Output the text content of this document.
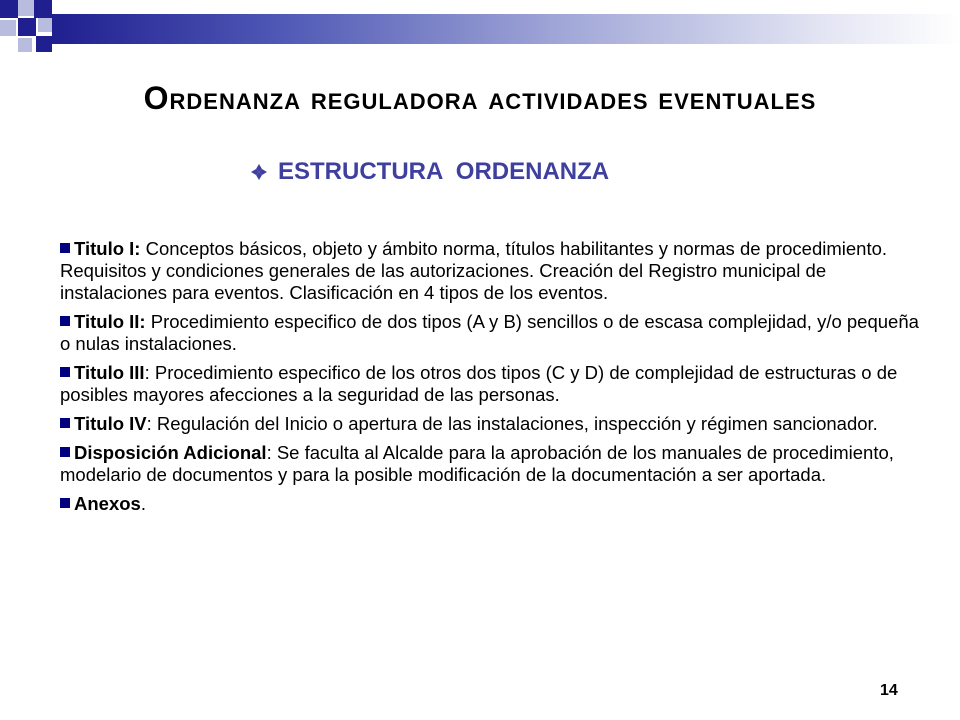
Ordenanza reguladora actividades eventuales
ESTRUCTURA  ORDENANZA
Titulo I: Conceptos básicos, objeto y ámbito norma, títulos habilitantes y normas de procedimiento. Requisitos y condiciones generales de las autorizaciones. Creación del Registro municipal de instalaciones para eventos. Clasificación en 4 tipos de los eventos.
Titulo II: Procedimiento especifico de dos tipos (A y B) sencillos o de escasa complejidad, y/o pequeña o nulas instalaciones.
Titulo III: Procedimiento especifico de los otros dos tipos (C y D) de complejidad de estructuras o de posibles mayores afecciones a la seguridad de las personas.
Titulo IV: Regulación del Inicio o apertura de las instalaciones, inspección y régimen sancionador.
Disposición Adicional: Se faculta al Alcalde para la aprobación de los manuales de procedimiento, modelario de documentos y para la posible modificación de la documentación a ser aportada.
Anexos.
14
